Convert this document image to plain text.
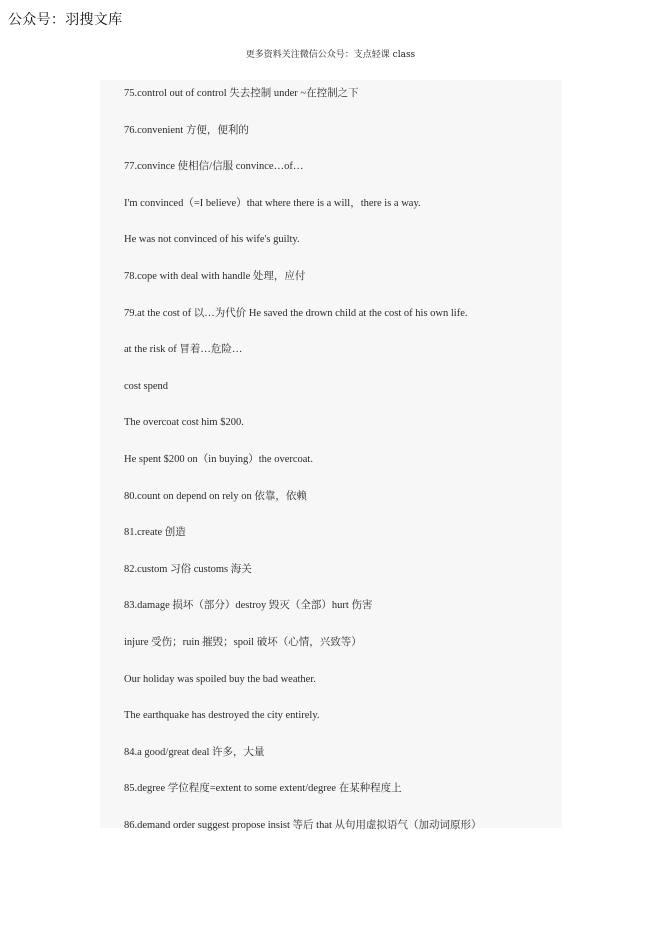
公众号：羽搜文库
更多资料关注微信公众号：支点轻课 class
75.control out of control 失去控制 under ~在控制之下
76.convenient 方便，便利的
77.convince 使相信/信服 convince…of…
I'm convinced（=I believe）that where there is a will，there is a way.
He was not convinced of his wife's guilty.
78.cope with deal with handle 处理，应付
79.at the cost of 以…为代价 He saved the drown child at the cost of his own life.
at the risk of 冒着…危险…
cost spend
The overcoat cost him $200.
He spent $200 on（in buying）the overcoat.
80.count on depend on rely on 依靠，依赖
81.create 创造
82.custom 习俗 customs 海关
83.damage 损坏（部分）destroy 毁灭（全部）hurt 伤害
injure 受伤；ruin 摧毁；spoil 破坏（心情，兴致等）
Our holiday was spoiled buy the bad weather.
The earthquake has destroyed the city entirely.
84.a good/great deal 许多，大量
85.degree 学位程度=extent to some extent/degree 在某种程度上
86.demand order suggest propose insist 等后 that 从句用虚拟语气（加动词原形）
